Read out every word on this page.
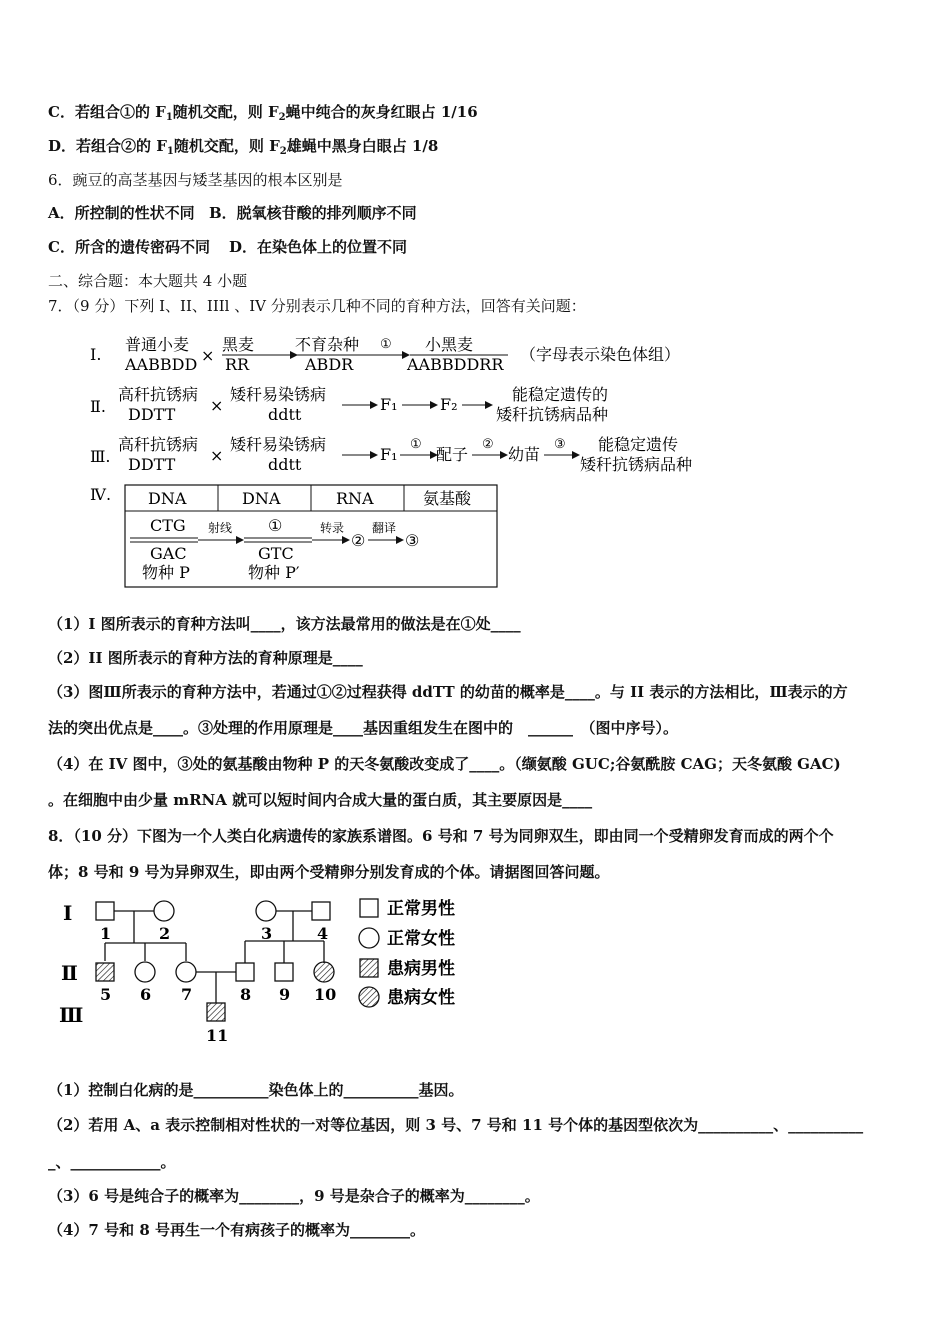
C．若组合①的 $F_1$随机交配，则 $F_2$蝇中纯合的灰身红眼占 1/16
D．若组合②的 $F_1$随机交配，则 $F_2$雄蝇中黑身白眼占 1/8
6．豌豆的高茎基因与矮茎基因的根本区别是
A．所控制的性状不同 B．脱氧核苷酸的排列顺序不同
C．所含的遗传密码不同 D．在染色体上的位置不同
二、综合题：本大题共 4 小题
7．（9 分）下列 I、II、IIIl 、IV 分别表示几种不同的育种方法，回答有关问题：
Ⅰ.
普通小麦
AABBDD ×
黑麦
RR
不育杂种
ABDR
① 小黑麦
AABBDDRR
（字母表示染色体组）
Ⅱ.
高秆抗锈病
DDTT ×
矮秆易染锈病
ddtt
F₁	F₂
能稳定遗传的
矮秆抗锈病品种
Ⅲ.
高秆抗锈病
DDTT ×
矮秆易染锈病
ddtt
F₁
①
配子
②
幼苗
③ 能稳定遗传
矮秆抗锈病品种
Ⅳ. DNA	DNA	RNA	氨基酸
CTG
GAC
物种 P
射线 ①
GTC
物种 P′
转录
②
翻译
③
（1）I 图所表示的育种方法叫____，该方法最常用的做法是在①处____
（2）II 图所表示的育种方法的育种原理是____
（3）图Ⅲ所表示的育种方法中，若通过①②过程获得 ddTT 的幼苗的概率是____。与 II 表示的方法相比，Ⅲ表示的方
法的突出优点是____。③处理的作用原理是____基因重组发生在图中的　______　（图中序号）。
（4）在 IV 图中，③处的氨基酸由物种 P 的天冬氨酸改变成了____。（缬氨酸 GUC;谷氨酰胺 CAG；天冬氨酸 GAC)
。在细胞中由少量 mRNA 就可以短时间内合成大量的蛋白质，其主要原因是____
8．（10 分）下图为一个人类白化病遗传的家族系谱图。6 号和 7 号为同卵双生，即由同一个受精卵发育而成的两个个
体；8 号和 9 号为异卵双生，即由两个受精卵分别发育成的个体。请据图回答问题。
Ⅰ
Ⅱ
Ⅲ
1	2	3	4
5 6 7	8 9 10
11
正常男性
正常女性
患病男性
患病女性
（1）控制白化病的是__________染色体上的__________基因。
（2）若用 A、a 表示控制相对性状的一对等位基因，则 3 号、7 号和 11 号个体的基因型依次为__________、__________
_、____________。
（3）6 号是纯合子的概率为________，9 号是杂合子的概率为________。
（4）7 号和 8 号再生一个有病孩子的概率为________。
